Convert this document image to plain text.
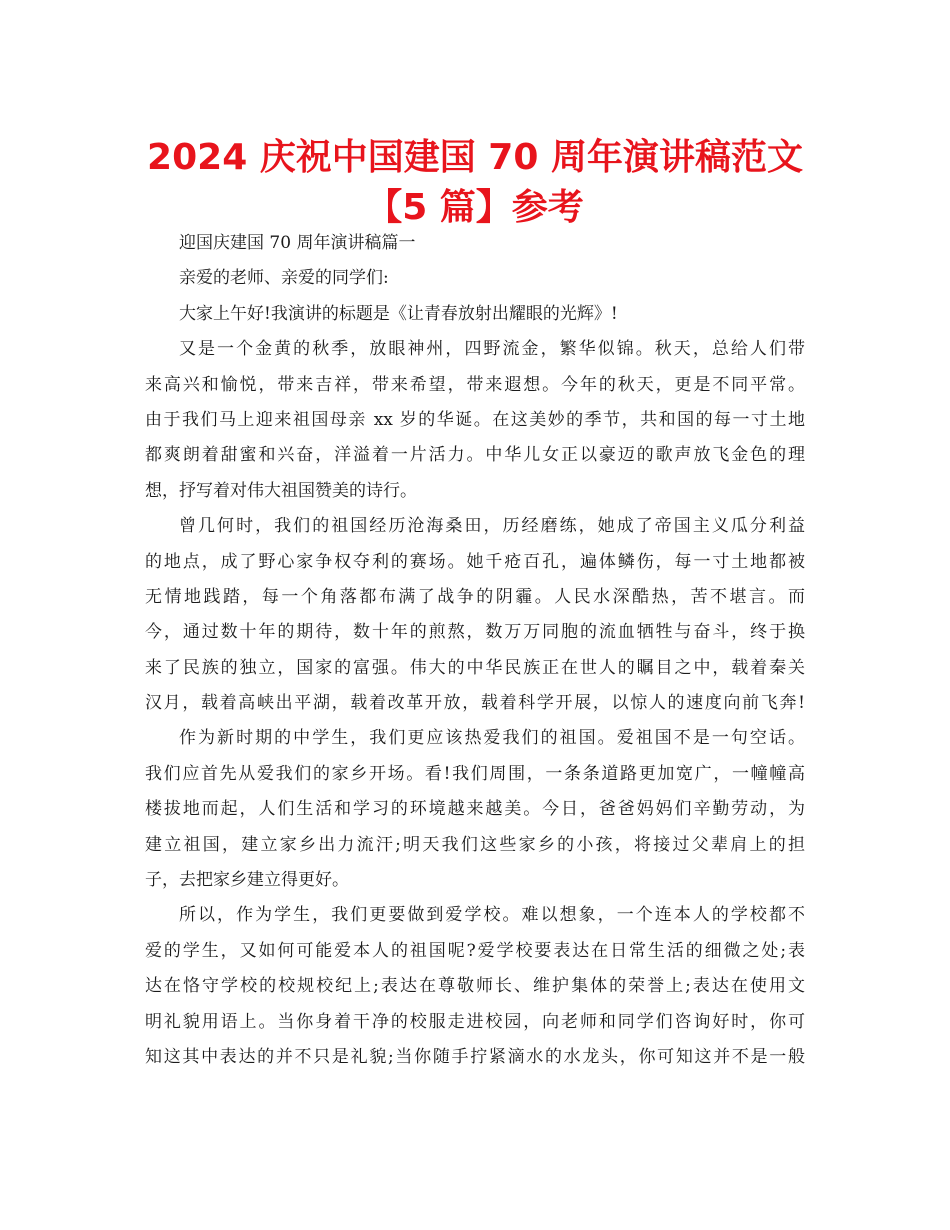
2024 庆祝中国建国 70 周年演讲稿范文
【5 篇】参考
迎国庆建国 70 周年演讲稿篇一
亲爱的老师、亲爱的同学们:
大家上午好!我演讲的标题是《让青春放射出耀眼的光辉》!
又是一个金黄的秋季，放眼神州，四野流金，繁华似锦。秋天，总给人们带
来高兴和愉悦，带来吉祥，带来希望，带来遐想。今年的秋天，更是不同平常。
由于我们马上迎来祖国母亲 xx 岁的华诞。在这美妙的季节，共和国的每一寸土地
都爽朗着甜蜜和兴奋，洋溢着一片活力。中华儿女正以豪迈的歌声放飞金色的理
想，抒写着对伟大祖国赞美的诗行。
曾几何时，我们的祖国经历沧海桑田，历经磨练，她成了帝国主义瓜分利益
的地点，成了野心家争权夺利的赛场。她千疮百孔，遍体鳞伤，每一寸土地都被
无情地践踏，每一个角落都布满了战争的阴霾。人民水深酷热，苦不堪言。而
今，通过数十年的期待，数十年的煎熬，数万万同胞的流血牺牲与奋斗，终于换
来了民族的独立，国家的富强。伟大的中华民族正在世人的瞩目之中，载着秦关
汉月，载着高峡出平湖，载着改革开放，载着科学开展，以惊人的速度向前飞奔!
作为新时期的中学生，我们更应该热爱我们的祖国。爱祖国不是一句空话。
我们应首先从爱我们的家乡开场。看!我们周围，一条条道路更加宽广，一幢幢高
楼拔地而起，人们生活和学习的环境越来越美。今日，爸爸妈妈们辛勤劳动，为
建立祖国，建立家乡出力流汗;明天我们这些家乡的小孩，将接过父辈肩上的担
子，去把家乡建立得更好。
所以，作为学生，我们更要做到爱学校。难以想象，一个连本人的学校都不
爱的学生，又如何可能爱本人的祖国呢?爱学校要表达在日常生活的细微之处;表
达在恪守学校的校规校纪上;表达在尊敬师长、维护集体的荣誉上;表达在使用文
明礼貌用语上。当你身着干净的校服走进校园，向老师和同学们咨询好时，你可
知这其中表达的并不只是礼貌;当你随手拧紧滴水的水龙头，你可知这并不是一般
